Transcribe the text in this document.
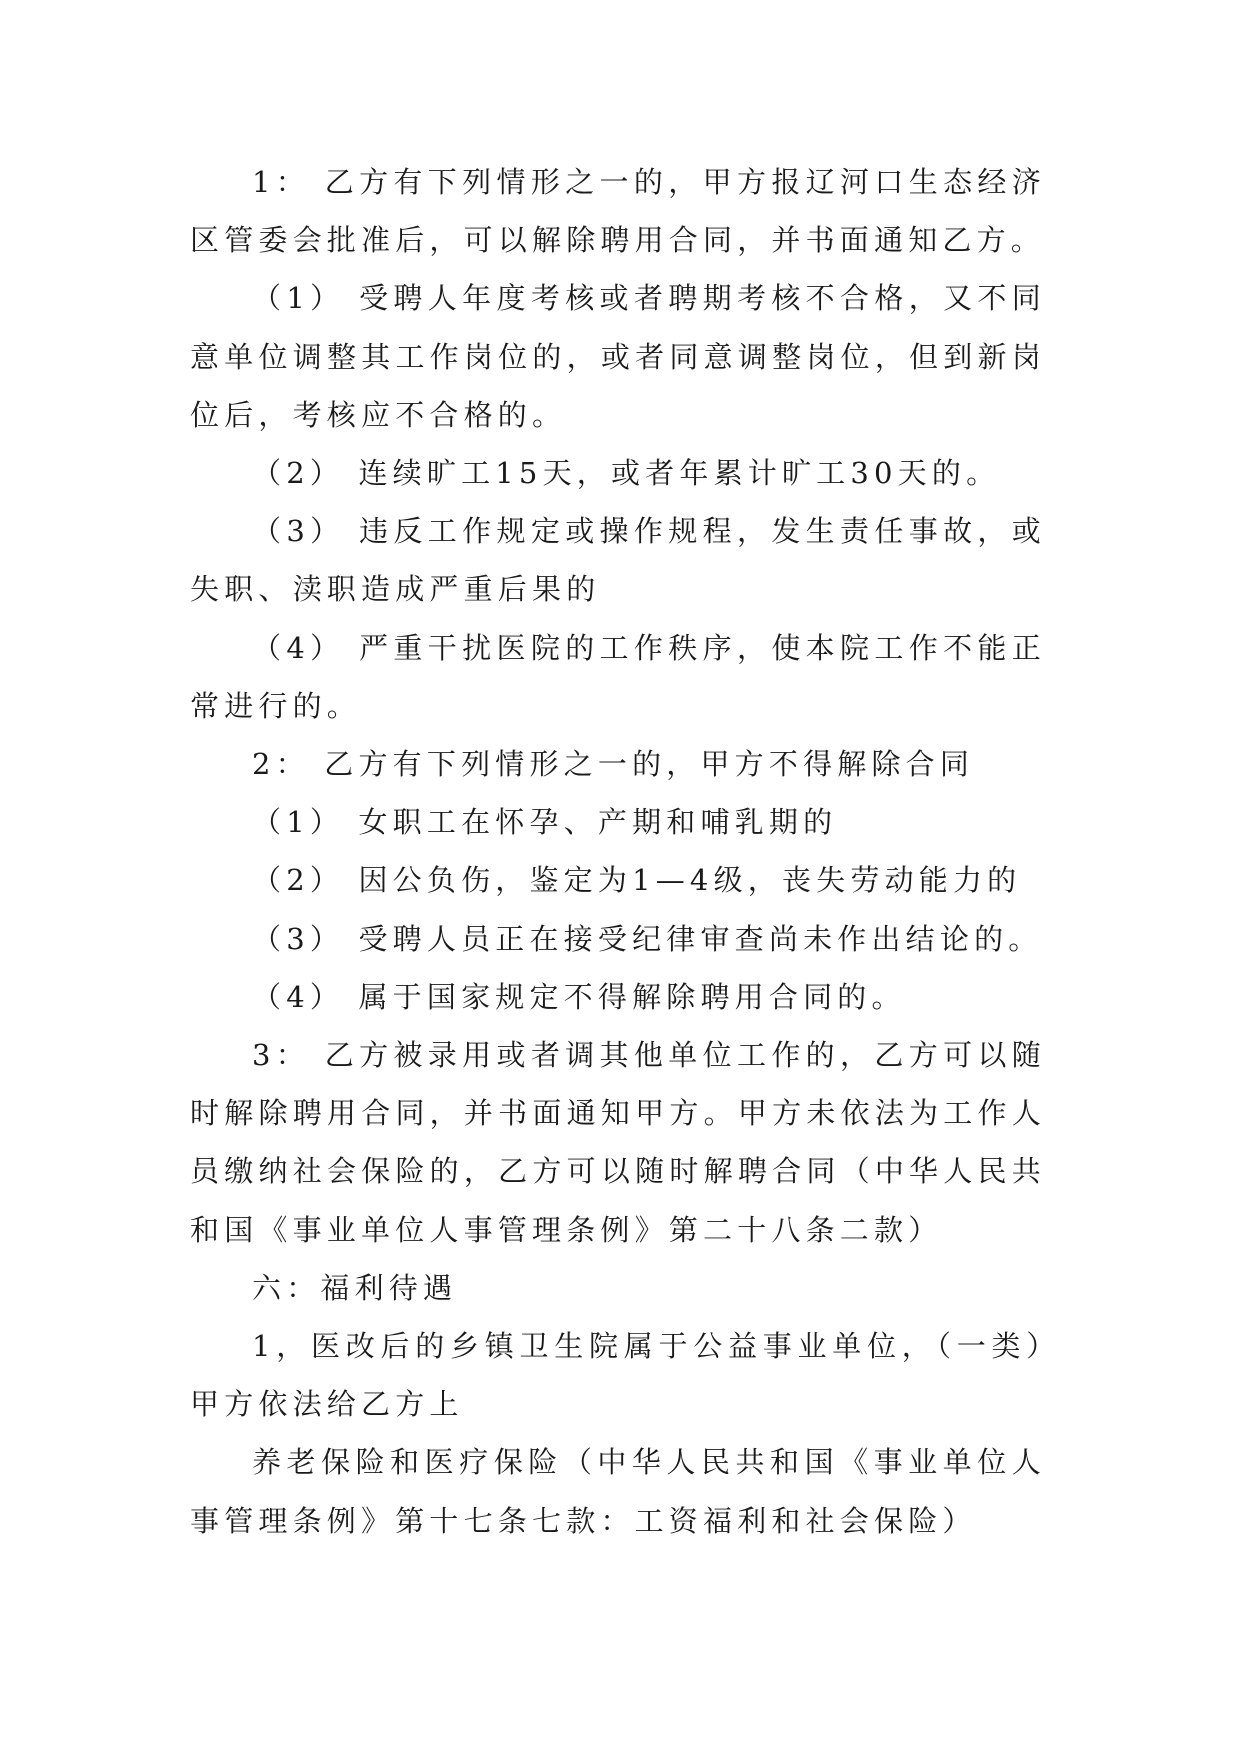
1： 乙方有下列情形之一的，甲方报辽河口生态经济区管委会批准后，可以解除聘用合同，并书面通知乙方。

（1） 受聘人年度考核或者聘期考核不合格，又不同意单位调整其工作岗位的，或者同意调整岗位，但到新岗位后，考核应不合格的。

（2） 连续旷工15天，或者年累计旷工30天的。

（3） 违反工作规定或操作规程，发生责任事故，或失职、渎职造成严重后果的

（4） 严重干扰医院的工作秩序，使本院工作不能正常进行的。

2： 乙方有下列情形之一的，甲方不得解除合同

（1） 女职工在怀孕、产期和哺乳期的

（2） 因公负伤，鉴定为1—4级，丧失劳动能力的

（3） 受聘人员正在接受纪律审查尚未作出结论的。

（4） 属于国家规定不得解除聘用合同的。

3： 乙方被录用或者调其他单位工作的，乙方可以随时解除聘用合同，并书面通知甲方。甲方未依法为工作人员缴纳社会保险的，乙方可以随时解聘合同（中华人民共和国《事业单位人事管理条例》第二十八条二款）

六：福利待遇

1，医改后的乡镇卫生院属于公益事业单位，（一类）甲方依法给乙方上

养老保险和医疗保险（中华人民共和国《事业单位人事管理条例》第十七条七款：工资福利和社会保险）
